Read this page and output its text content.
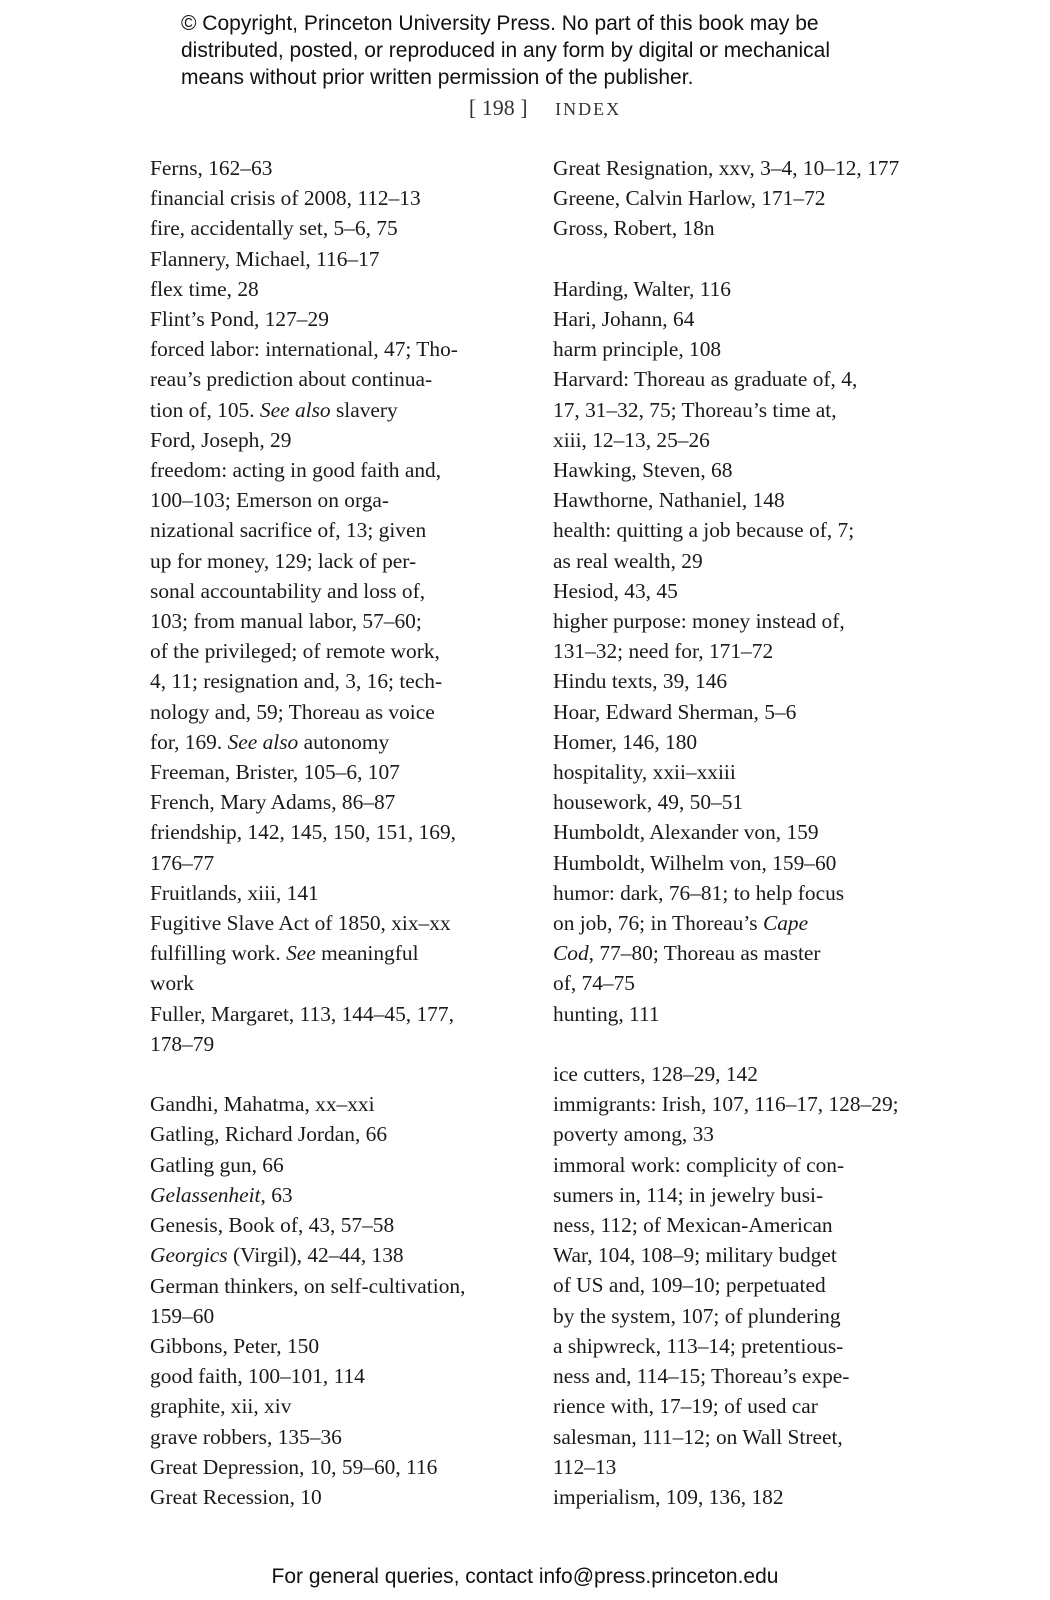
© Copyright, Princeton University Press. No part of this book may be
distributed, posted, or reproduced in any form by digital or mechanical
means without prior written permission of the publisher.
[ 198 ] INDEX
Ferns, 162–63
financial crisis of 2008, 112–13
fire, accidentally set, 5–6, 75
Flannery, Michael, 116–17
flex time, 28
Flint’s Pond, 127–29
forced labor: international, 47; Tho-
reau’s prediction about continua-
tion of, 105. See also slavery
Ford, Joseph, 29
freedom: acting in good faith and,
100–103; Emerson on orga-
nizational sacrifice of, 13; given
up for money, 129; lack of per-
sonal accountability and loss of,
103; from manual labor, 57–60;
of the privileged; of remote work,
4, 11; resignation and, 3, 16; tech-
nology and, 59; Thoreau as voice
for, 169. See also autonomy
Freeman, Brister, 105–6, 107
French, Mary Adams, 86–87
friendship, 142, 145, 150, 151, 169,
176–77
Fruitlands, xiii, 141
Fugitive Slave Act of 1850, xix–xx
fulfilling work. See meaningful
work
Fuller, Margaret, 113, 144–45, 177,
178–79
Gandhi, Mahatma, xx–xxi
Gatling, Richard Jordan, 66
Gatling gun, 66
Gelassenheit, 63
Genesis, Book of, 43, 57–58
Georgics (Virgil), 42–44, 138
German thinkers, on self-cultivation,
159–60
Gibbons, Peter, 150
good faith, 100–101, 114
graphite, xii, xiv
grave robbers, 135–36
Great Depression, 10, 59–60, 116
Great Recession, 10
Great Resignation, xxv, 3–4, 10–12, 177
Greene, Calvin Harlow, 171–72
Gross, Robert, 18n
Harding, Walter, 116
Hari, Johann, 64
harm principle, 108
Harvard: Thoreau as graduate of, 4,
17, 31–32, 75; Thoreau’s time at,
xiii, 12–13, 25–26
Hawking, Steven, 68
Hawthorne, Nathaniel, 148
health: quitting a job because of, 7;
as real wealth, 29
Hesiod, 43, 45
higher purpose: money instead of,
131–32; need for, 171–72
Hindu texts, 39, 146
Hoar, Edward Sherman, 5–6
Homer, 146, 180
hospitality, xxii–xxiii
housework, 49, 50–51
Humboldt, Alexander von, 159
Humboldt, Wilhelm von, 159–60
humor: dark, 76–81; to help focus
on job, 76; in Thoreau’s Cape
Cod, 77–80; Thoreau as master
of, 74–75
hunting, 111
ice cutters, 128–29, 142
immigrants: Irish, 107, 116–17, 128–29;
poverty among, 33
immoral work: complicity of con-
sumers in, 114; in jewelry busi-
ness, 112; of Mexican-American
War, 104, 108–9; military budget
of US and, 109–10; perpetuated
by the system, 107; of plundering
a shipwreck, 113–14; pretentious-
ness and, 114–15; Thoreau’s expe-
rience with, 17–19; of used car
salesman, 111–12; on Wall Street,
112–13
imperialism, 109, 136, 182
For general queries, contact info@press.princeton.edu
